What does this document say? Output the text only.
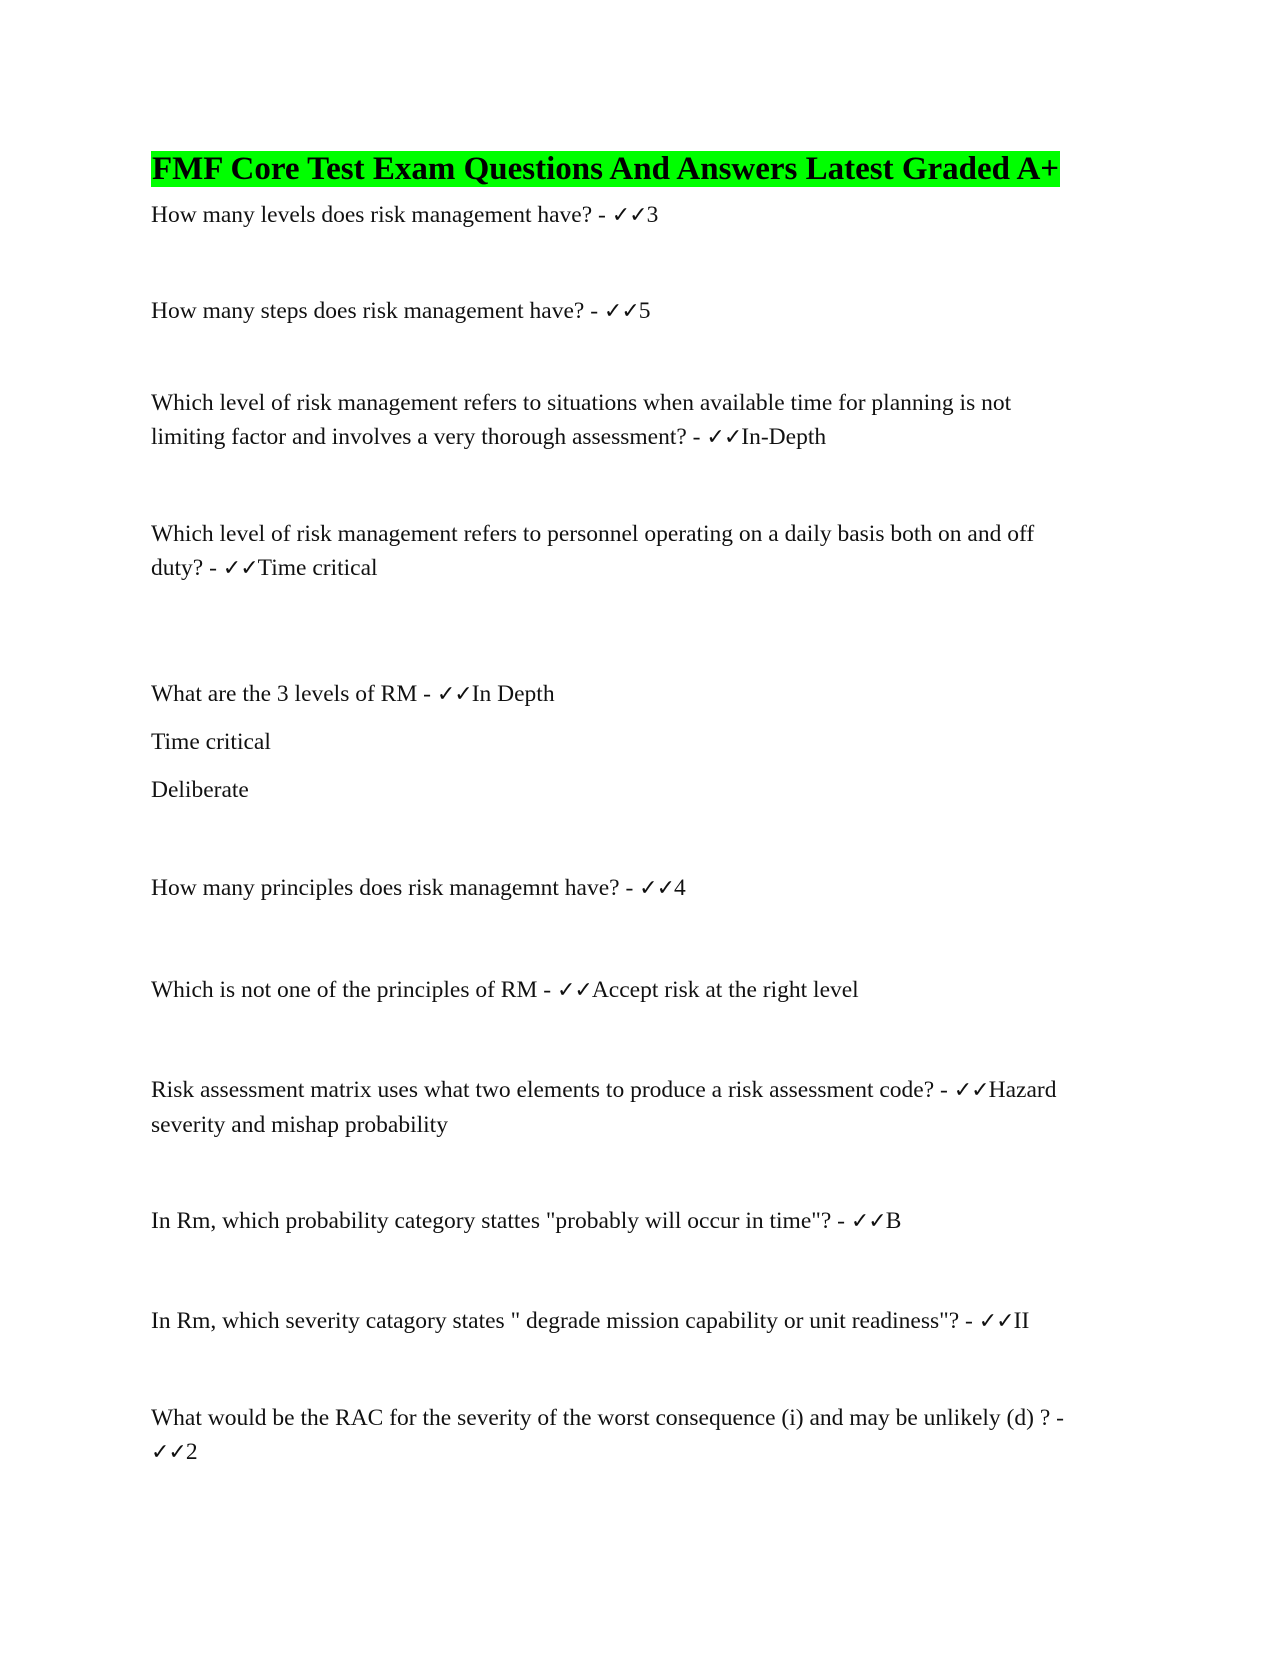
FMF Core Test Exam Questions And Answers Latest Graded A+

How many levels does risk management have? - ✓✓3

How many steps does risk management have? - ✓✓5

Which level of risk management refers to situations when available time for planning is not
limiting factor and involves a very thorough assessment? - ✓✓In-Depth

Which level of risk management refers to personnel operating on a daily basis both on and off
duty? - ✓✓Time critical

What are the 3 levels of RM - ✓✓In Depth

Time critical
Deliberate

How many principles does risk managemnt have? - ✓✓4

Which is not one of the principles of RM - ✓✓Accept risk at the right level

Risk assessment matrix uses what two elements to produce a risk assessment code? - ✓✓Hazard
severity and mishap probability

In Rm, which probability category stattes "probably will occur in time"? - ✓✓B

In Rm, which severity catagory states " degrade mission capability or unit readiness"? - ✓✓II

What would be the RAC for the severity of the worst consequence (i) and may be unlikely (d) ? -
✓✓2
